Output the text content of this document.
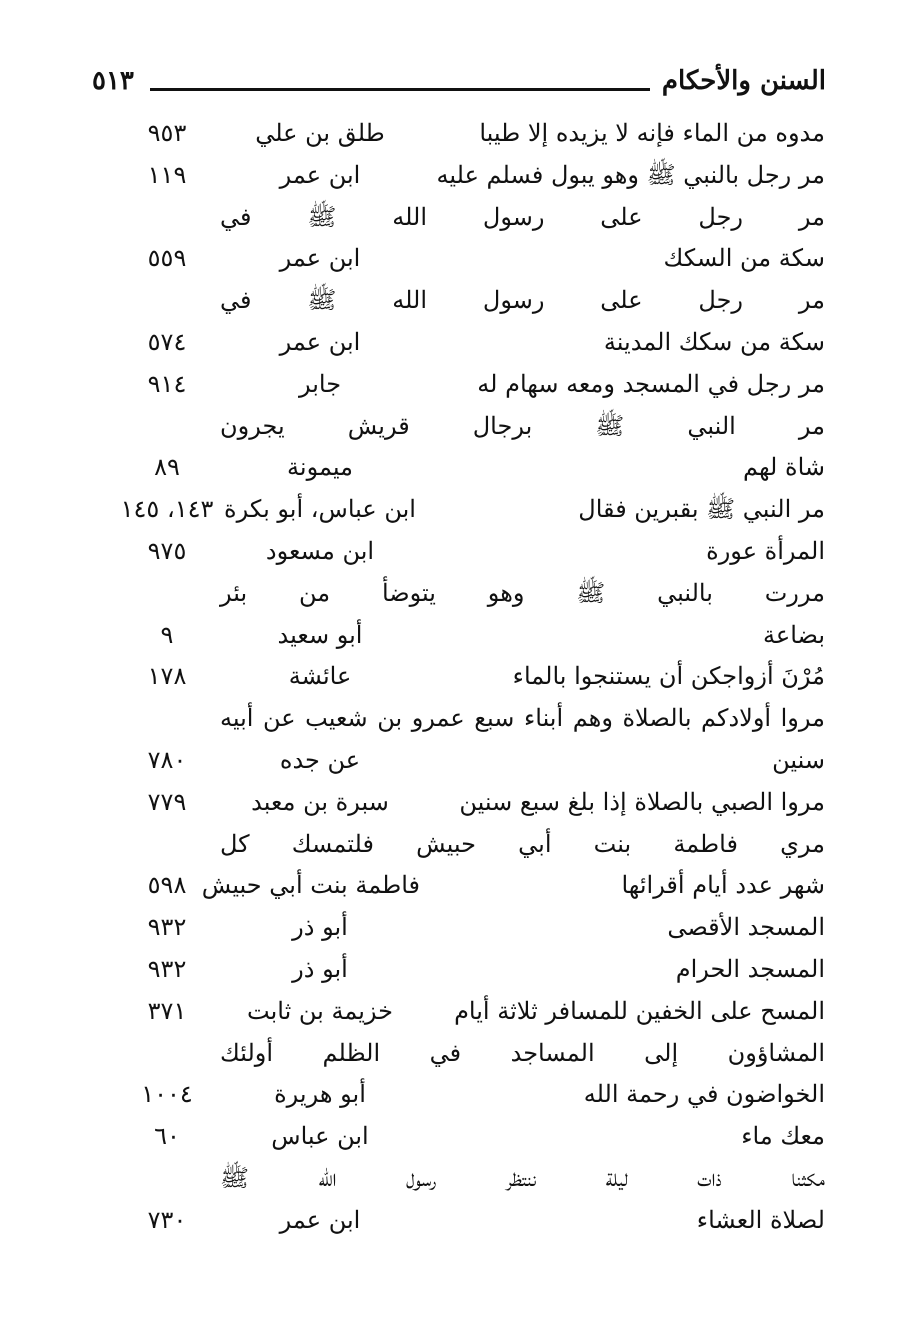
السنن والأحكام
٥١٣
مدوه من الماء فإنه لا يزيده إلا طيبا
طلق بن علي
٩٥٣
مر رجل بالنبي ﷺ وهو يبول فسلم عليه
ابن عمر
١١٩
مر رجل على رسول الله ﷺ في
سكة من السكك
ابن عمر
٥٥٩
مر رجل على رسول الله ﷺ في
سكة من سكك المدينة
ابن عمر
٥٧٤
مر رجل في المسجد ومعه سهام له
جابر
٩١٤
مر النبي ﷺ برجال قريش يجرون
شاة لهم
ميمونة
٨٩
مر النبي ﷺ بقبرين فقال
ابن عباس، أبو بكرة
١٤٣، ١٤٥
المرأة عورة
ابن مسعود
٩٧٥
مررت بالنبي ﷺ وهو يتوضأ من بئر
بضاعة
أبو سعيد
٩
مُرْنَ أزواجكن أن يستنجوا بالماء
عائشة
١٧٨
مروا أولادكم بالصلاة وهم أبناء سبع عمرو بن شعيب عن أبيه
سنين
عن جده
٧٨٠
مروا الصبي بالصلاة إذا بلغ سبع سنين
سبرة بن معبد
٧٧٩
مري فاطمة بنت أبي حبيش فلتمسك كل
شهر عدد أيام أقرائها
فاطمة بنت أبي حبيش
٥٩٨
المسجد الأقصى
أبو ذر
٩٣٢
المسجد الحرام
أبو ذر
٩٣٢
المسح على الخفين للمسافر ثلاثة أيام
خزيمة بن ثابت
٣٧١
المشاؤون إلى المساجد في الظلم أولئك
الخواضون في رحمة الله
أبو هريرة
١٠٠٤
معك ماء
ابن عباس
٦٠
مكثنا ذات ليلة ننتظر رسول الله ﷺ
لصلاة العشاء
ابن عمر
٧٣٠
